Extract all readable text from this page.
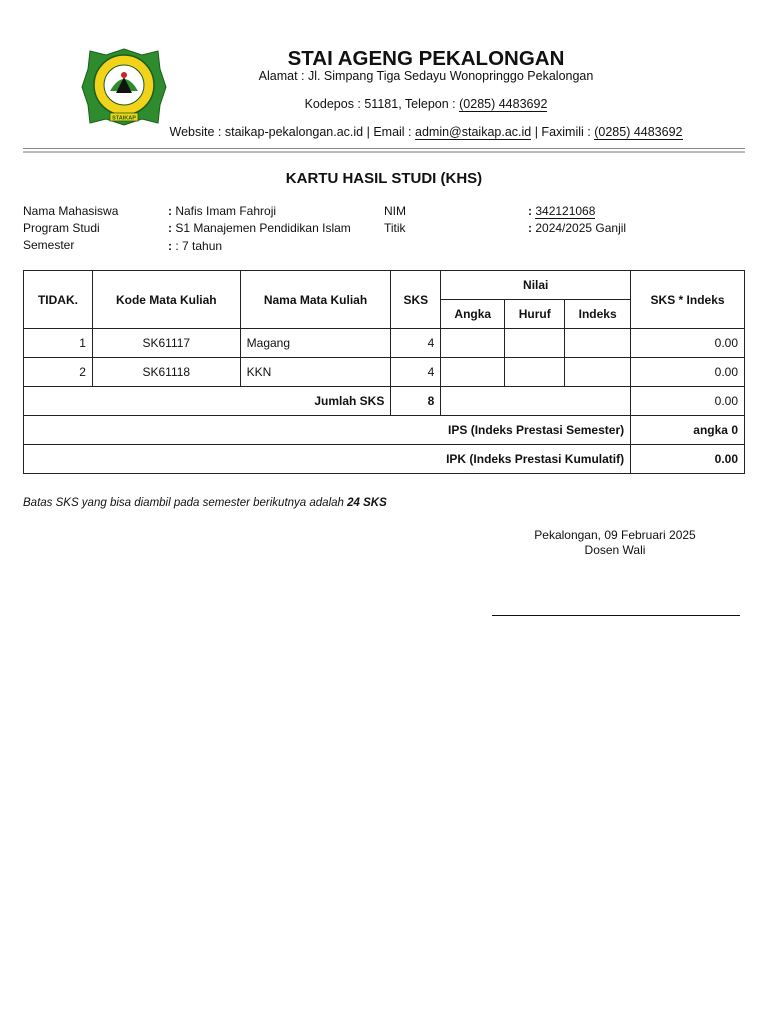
STAIKAP
STAI AGENG PEKALONGAN
Alamat : Jl. Simpang Tiga Sedayu Wonopringgo Pekalongan
Kodepos : 51181, Telepon : (0285) 4483692
Website : staikap-pekalongan.ac.id | Email : admin@staikap.ac.id | Faximili : (0285) 4483692
KARTU HASIL STUDI (KHS)
Nama Mahasiswa	: Nafis Imam Fahroji
Program Studi	: S1 Manajemen Pendidikan Islam
Semester	: : 7 tahun
NIM	: 342121068
Titik	: 2024/2025 Ganjil
TIDAK.	Kode Mata Kuliah	Nama Mata Kuliah	SKS	Nilai			SKS * Indeks
				Angka	Huruf	Indeks	
1	SK61117	Magang	4				0.00
2	SK61118	KKN	4				0.00
Jumlah SKS			8				0.00
IPS (Indeks Prestasi Semester)							angka 0
IPK (Indeks Prestasi Kumulatif)							0.00
Batas SKS yang bisa diambil pada semester berikutnya adalah 24 SKS
Pekalongan, 09 Februari 2025
Dosen Wali
